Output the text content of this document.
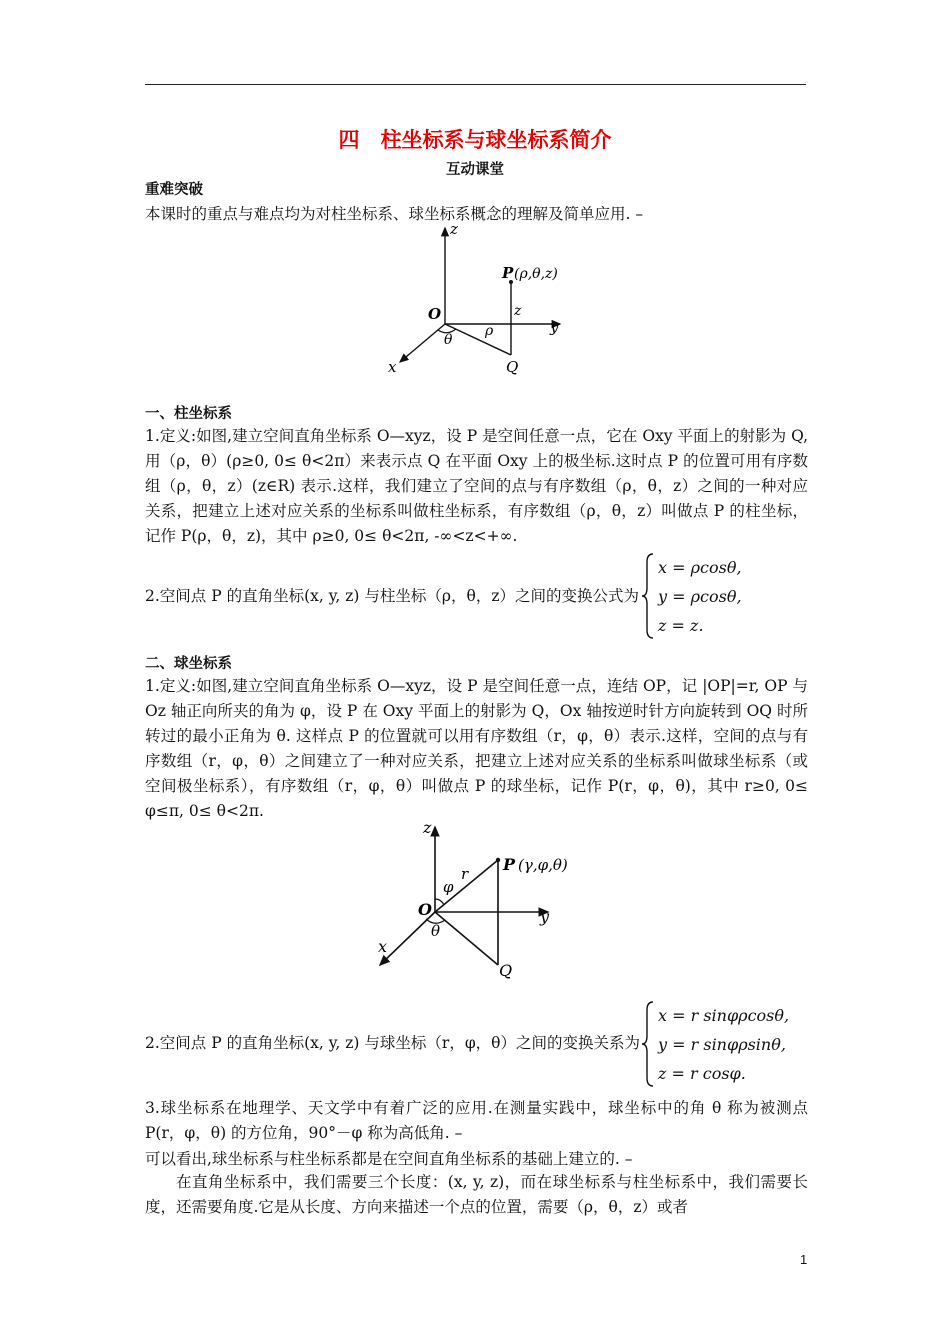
四　柱坐标系与球坐标系简介
互动课堂
重难突破
本课时的重点与难点均为对柱坐标系、球坐标系概念的理解及简单应用. –
z
y
x
O
Q
θ
ρ
z
P (ρ,θ,z)
一、柱坐标系
1.定义:如图,建立空间直角坐标系 O—xyz，设 P 是空间任意一点，它在 Oxy 平面上的射影为 Q, 用（ρ，θ）(ρ≥0, 0≤ θ<2π）来表示点 Q 在平面 Oxy 上的极坐标.这时点 P 的位置可用有序数组（ρ，θ，z）(z∈R) 表示.这样，我们建立了空间的点与有序数组（ρ，θ，z）之间的一种对应关系，把建立上述对应关系的坐标系叫做柱坐标系，有序数组（ρ，θ，z）叫做点 P 的柱坐标，记作 P(ρ，θ，z)，其中 ρ≥0, 0≤ θ<2π, -∞<z<+∞.
2.空间点 P 的直角坐标(x, y, z) 与柱坐标（ρ，θ，z）之间的变换公式为
x = ρcosθ,
y = ρcosθ,
z = z.
二、球坐标系
1.定义:如图,建立空间直角坐标系 O—xyz，设 P 是空间任意一点，连结 OP，记 |OP|=r, OP 与 Oz 轴正向所夹的角为 φ，设 P 在 Oxy 平面上的射影为 Q，Ox 轴按逆时针方向旋转到 OQ 时所转过的最小正角为 θ. 这样点 P 的位置就可以用有序数组（r，φ，θ）表示.这样，空间的点与有序数组（r，φ，θ）之间建立了一种对应关系，把建立上述对应关系的坐标系叫做球坐标系（或空间极坐标系），有序数组（r，φ，θ）叫做点 P 的球坐标，记作 P(r，φ，θ)，其中 r≥0, 0≤ φ≤π, 0≤ θ<2π.
z
y
x
O
Q
θ
φ
r P (γ,φ,θ)
2.空间点 P 的直角坐标(x, y, z) 与球坐标（r，φ，θ）之间的变换关系为
x = r sinφρcosθ,
y = r sinφρsinθ,
z = r cosφ.
3.球坐标系在地理学、天文学中有着广泛的应用.在测量实践中，球坐标中的角 θ 称为被测点 P(r，φ，θ) 的方位角，90°－φ 称为高低角. –
可以看出,球坐标系与柱坐标系都是在空间直角坐标系的基础上建立的. –
在直角坐标系中，我们需要三个长度：(x, y, z)，而在球坐标系与柱坐标系中，我们需要长度，还需要角度.它是从长度、方向来描述一个点的位置，需要（ρ，θ，z）或者
1
